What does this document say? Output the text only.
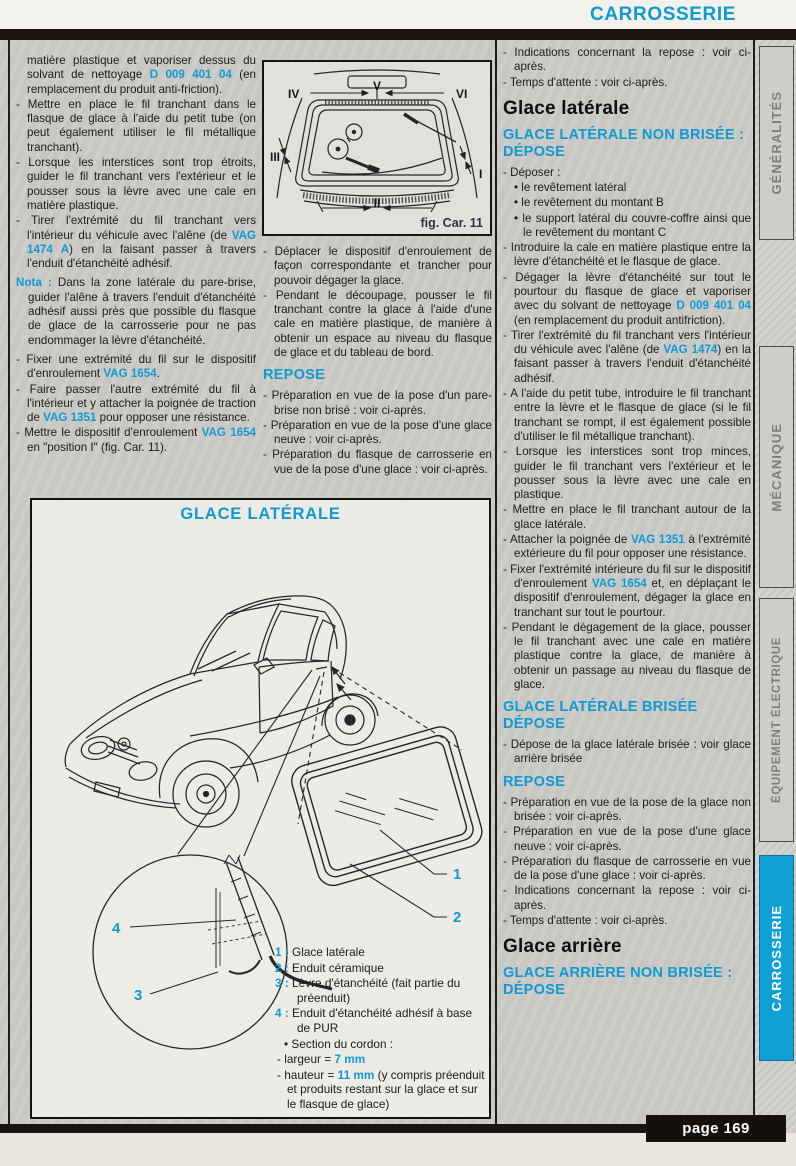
CARROSSERIE
matière plastique et vaporiser dessus du solvant de nettoyage D 009 401 04 (en remplacement du produit anti-friction).
- Mettre en place le fil tranchant dans le flasque de glace à l'aide du petit tube (on peut également utiliser le fil métallique tranchant).
- Lorsque les interstices sont trop étroits, guider le fil tranchant vers l'extérieur et le pousser sous la lèvre avec une cale en matière plastique.
- Tirer l'extrémité du fil tranchant vers l'intérieur du véhicule avec l'alêne (de VAG 1474 A) en la faisant passer à travers l'enduit d'étanchéité adhésif.
Nota : Dans la zone latérale du pare-brise, guider l'alêne à travers l'enduit d'étanchéité adhésif aussi près que possible du flasque de glace de la carrosserie pour ne pas endommager la lèvre d'étanchéité.
- Fixer une extrémité du fil sur le dispositif d'enroulement VAG 1654.
- Faire passer l'autre extrémité du fil à l'intérieur et y attacher la poignée de traction de VAG 1351 pour opposer une résistance.
- Mettre le dispositif d'enroulement VAG 1654 en "position I" (fig. Car. 11).
- Déplacer le dispositif d'enroulement de façon correspondante et trancher pour pouvoir dégager la glace.
- Pendant le découpage, pousser le fil tranchant contre la glace à l'aide d'une cale en matière plastique, de manière à obtenir un espace au niveau du flasque de glace et du tableau de bord.
REPOSE
- Préparation en vue de la pose d'un pare-brise non brisé : voir ci-après.
- Préparation en vue de la pose d'une glace neuve : voir ci-après.
- Préparation du flasque de carrosserie en vue de la pose d'une glace : voir ci-après.
- Indications concernant la repose : voir ci-après.
- Temps d'attente : voir ci-après.
Glace latérale
GLACE LATÉRALE NON BRISÉE : DÉPOSE
- Déposer :
• le revêtement latéral
• le revêtement du montant B
• le support latéral du couvre-coffre ainsi que le revêtement du montant C
- Introduire la cale en matière plastique entre la lèvre d'étanchéité et le flasque de glace.
- Dégager la lèvre d'étanchéité sur tout le pourtour du flasque de glace et vaporiser avec du solvant de nettoyage D 009 401 04 (en remplacement du produit antifriction).
- Tirer l'extrémité du fil tranchant vers l'intérieur du véhicule avec l'alêne (de VAG 1474) en la faisant passer à travers l'enduit d'étanchéité adhésif.
- A l'aide du petit tube, introduire le fil tranchant entre la lèvre et le flasque de glace (si le fil tranchant se rompt, il est également possible d'utiliser le fil métallique tranchant).
- Lorsque les interstices sont trop minces, guider le fil tranchant vers l'extérieur et le pousser sous la lèvre avec une cale en plastique.
- Mettre en place le fil tranchant autour de la glace latérale.
- Attacher la poignée de VAG 1351 à l'extrémité extérieure du fil pour opposer une résistance.
- Fixer l'extrémité intérieure du fil sur le dispositif d'enroulement VAG 1654 et, en déplaçant le dispositif d'enroulement, dégager la glace en tranchant sur tout le pourtour.
- Pendant le dégagement de la glace, pousser le fil tranchant avec une cale en matière plastique contre la glace, de manière à obtenir un passage au niveau du flasque de glace.
GLACE LATÉRALE BRISÉE DÉPOSE
- Dépose de la glace latérale brisée : voir glace arrière brisée
REPOSE
- Préparation en vue de la pose de la glace non brisée : voir ci-après.
- Préparation en vue de la pose d'une glace neuve : voir ci-après.
- Préparation du flasque de carrosserie en vue de la pose d'une glace : voir ci-après.
- Indications concernant la repose : voir ci-après.
- Temps d'attente : voir ci-après.
Glace arrière
GLACE ARRIÈRE NON BRISÉE : DÉPOSE
IV
V
VI
III
I
II
fig. Car. 11
1
2
4
3
GLACE LATÉRALE
1 : Glace latérale
2 : Enduit céramique
3 : Lèvre d'étanchéité (fait partie du préenduit)
4 : Enduit d'étanchéité adhésif à base de PUR
• Section du cordon :
- largeur = 7 mm
- hauteur = 11 mm (y compris préenduit et produits restant sur la glace et sur le flasque de glace)
GÉNÉRALITÉS
MÉCANIQUE
ÉQUIPEMENT ÉLECTRIQUE
CARROSSERIE
page 169
